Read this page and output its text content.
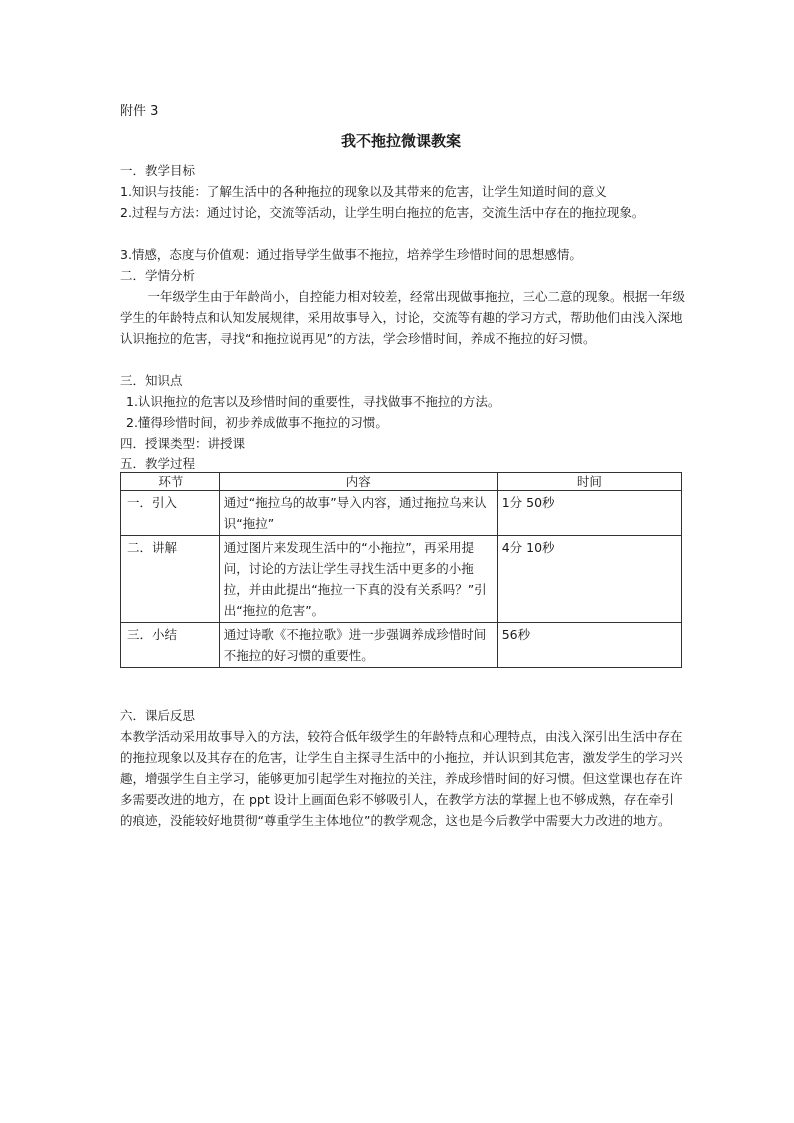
附件 3
我不拖拉微课教案
一．教学目标
1.知识与技能：了解生活中的各种拖拉的现象以及其带来的危害，让学生知道时间的意义
2.过程与方法：通过讨论，交流等活动，让学生明白拖拉的危害，交流生活中存在的拖拉现象。
3.情感，态度与价值观：通过指导学生做事不拖拉，培养学生珍惜时间的思想感情。
二．学情分析
一年级学生由于年龄尚小，自控能力相对较差，经常出现做事拖拉，三心二意的现象。根据一年级学生的年龄特点和认知发展规律，采用故事导入，讨论，交流等有趣的学习方式，帮助他们由浅入深地认识拖拉的危害，寻找“和拖拉说再见”的方法，学会珍惜时间，养成不拖拉的好习惯。
三．知识点
1.认识拖拉的危害以及珍惜时间的重要性，寻找做事不拖拉的方法。
2.懂得珍惜时间，初步养成做事不拖拉的习惯。
四．授课类型：讲授课
五．教学过程
环节	内容	时间
一．引入	通过“拖拉乌的故事”导入内容，通过拖拉乌来认识“拖拉”	1分 50秒
二．讲解	通过图片来发现生活中的“小拖拉”，再采用提问，讨论的方法让学生寻找生活中更多的小拖拉，并由此提出“拖拉一下真的没有关系吗？”引出“拖拉的危害”。	4分 10秒
三．小结	通过诗歌《不拖拉歌》进一步强调养成珍惜时间不拖拉的好习惯的重要性。	56秒
六．课后反思
本教学活动采用故事导入的方法，较符合低年级学生的年龄特点和心理特点，由浅入深引出生活中存在的拖拉现象以及其存在的危害，让学生自主探寻生活中的小拖拉，并认识到其危害，激发学生的学习兴趣，增强学生自主学习，能够更加引起学生对拖拉的关注，养成珍惜时间的好习惯。但这堂课也存在许多需要改进的地方，在 ppt 设计上画面色彩不够吸引人，在教学方法的掌握上也不够成熟，存在牵引的痕迹，没能较好地贯彻“尊重学生主体地位”的教学观念，这也是今后教学中需要大力改进的地方。
